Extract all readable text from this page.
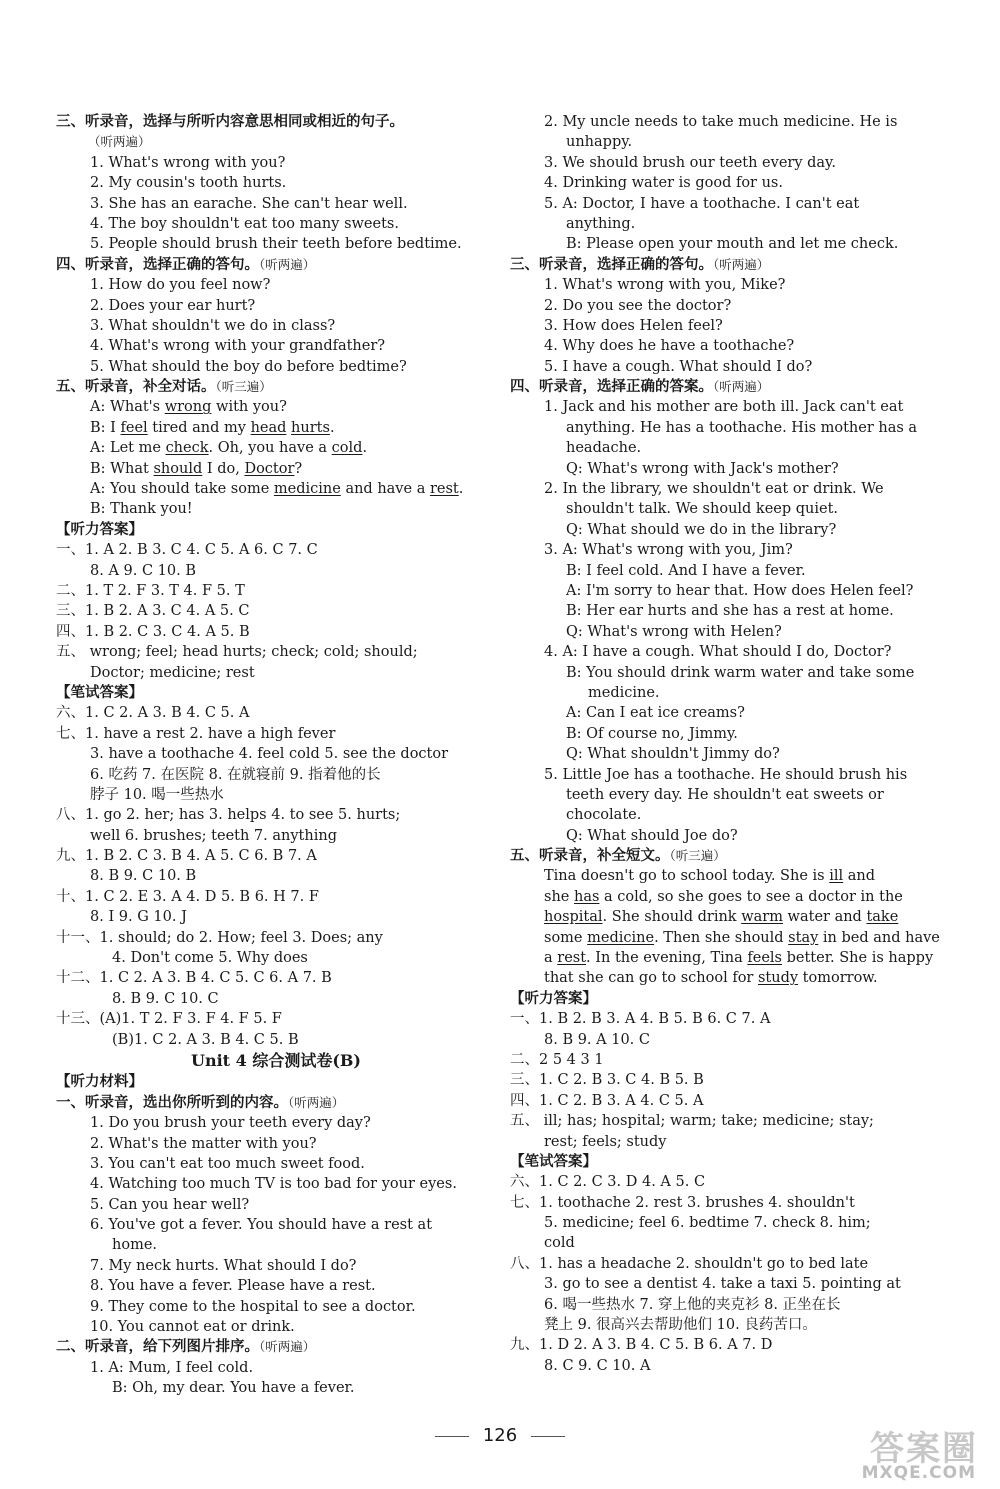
三、听录音，选择与所听内容意思相同或相近的句子。
（听两遍）
1. What's wrong with you?
2. My cousin's tooth hurts.
3. She has an earache. She can't hear well.
4. The boy shouldn't eat too many sweets.
5. People should brush their teeth before bedtime.
四、听录音，选择正确的答句。（听两遍）
1. How do you feel now?
2. Does your ear hurt?
3. What shouldn't we do in class?
4. What's wrong with your grandfather?
5. What should the boy do before bedtime?
五、听录音，补全对话。（听三遍）
A: What's wrong with you?
B: I feel tired and my head hurts.
A: Let me check. Oh, you have a cold.
B: What should I do, Doctor?
A: You should take some medicine and have a rest.
B: Thank you!
【听力答案】
一、1. A 2. B 3. C 4. C 5. A 6. C 7. C
8. A 9. C 10. B
二、1. T 2. F 3. T 4. F 5. T
三、1. B 2. A 3. C 4. A 5. C
四、1. B 2. C 3. C 4. A 5. B
五、 wrong; feel; head hurts; check; cold; should;
Doctor; medicine; rest
【笔试答案】
六、1. C 2. A 3. B 4. C 5. A
七、1. have a rest 2. have a high fever
3. have a toothache 4. feel cold 5. see the doctor
6. 吃药 7. 在医院 8. 在就寝前 9. 指着他的长
脖子 10. 喝一些热水
八、1. go 2. her; has 3. helps 4. to see 5. hurts;
well 6. brushes; teeth 7. anything
九、1. B 2. C 3. B 4. A 5. C 6. B 7. A
8. B 9. C 10. B
十、1. C 2. E 3. A 4. D 5. B 6. H 7. F
8. I 9. G 10. J
十一、1. should; do 2. How; feel 3. Does; any
4. Don't come 5. Why does
十二、1. C 2. A 3. B 4. C 5. C 6. A 7. B
8. B 9. C 10. C
十三、(A)1. T 2. F 3. F 4. F 5. F
(B)1. C 2. A 3. B 4. C 5. B
Unit 4 综合测试卷(B)
【听力材料】
一、听录音，选出你所听到的内容。（听两遍）
1. Do you brush your teeth every day?
2. What's the matter with you?
3. You can't eat too much sweet food.
4. Watching too much TV is too bad for your eyes.
5. Can you hear well?
6. You've got a fever. You should have a rest at
home.
7. My neck hurts. What should I do?
8. You have a fever. Please have a rest.
9. They come to the hospital to see a doctor.
10. You cannot eat or drink.
二、听录音，给下列图片排序。（听两遍）
1. A: Mum, I feel cold.
B: Oh, my dear. You have a fever.
2. My uncle needs to take much medicine. He is
unhappy.
3. We should brush our teeth every day.
4. Drinking water is good for us.
5. A: Doctor, I have a toothache. I can't eat
anything.
B: Please open your mouth and let me check.
三、听录音，选择正确的答句。（听两遍）
1. What's wrong with you, Mike?
2. Do you see the doctor?
3. How does Helen feel?
4. Why does he have a toothache?
5. I have a cough. What should I do?
四、听录音，选择正确的答案。（听两遍）
1. Jack and his mother are both ill. Jack can't eat
anything. He has a toothache. His mother has a
headache.
Q: What's wrong with Jack's mother?
2. In the library, we shouldn't eat or drink. We
shouldn't talk. We should keep quiet.
Q: What should we do in the library?
3. A: What's wrong with you, Jim?
B: I feel cold. And I have a fever.
A: I'm sorry to hear that. How does Helen feel?
B: Her ear hurts and she has a rest at home.
Q: What's wrong with Helen?
4. A: I have a cough. What should I do, Doctor?
B: You should drink warm water and take some
medicine.
A: Can I eat ice creams?
B: Of course no, Jimmy.
Q: What shouldn't Jimmy do?
5. Little Joe has a toothache. He should brush his
teeth every day. He shouldn't eat sweets or
chocolate.
Q: What should Joe do?
五、听录音，补全短文。（听三遍）
Tina doesn't go to school today. She is ill and
she has a cold, so she goes to see a doctor in the
hospital. She should drink warm water and take
some medicine. Then she should stay in bed and have
a rest. In the evening, Tina feels better. She is happy
that she can go to school for study tomorrow.
【听力答案】
一、1. B 2. B 3. A 4. B 5. B 6. C 7. A
8. B 9. A 10. C
二、2 5 4 3 1
三、1. C 2. B 3. C 4. B 5. B
四、1. C 2. B 3. A 4. C 5. A
五、 ill; has; hospital; warm; take; medicine; stay;
rest; feels; study
【笔试答案】
六、1. C 2. C 3. D 4. A 5. C
七、1. toothache 2. rest 3. brushes 4. shouldn't
5. medicine; feel 6. bedtime 7. check 8. him;
cold
八、1. has a headache 2. shouldn't go to bed late
3. go to see a dentist 4. take a taxi 5. pointing at
6. 喝一些热水 7. 穿上他的夹克衫 8. 正坐在长
凳上 9. 很高兴去帮助他们 10. 良药苦口。
九、1. D 2. A 3. B 4. C 5. B 6. A 7. D
8. C 9. C 10. A
126	答案圈
MXQE.COM
